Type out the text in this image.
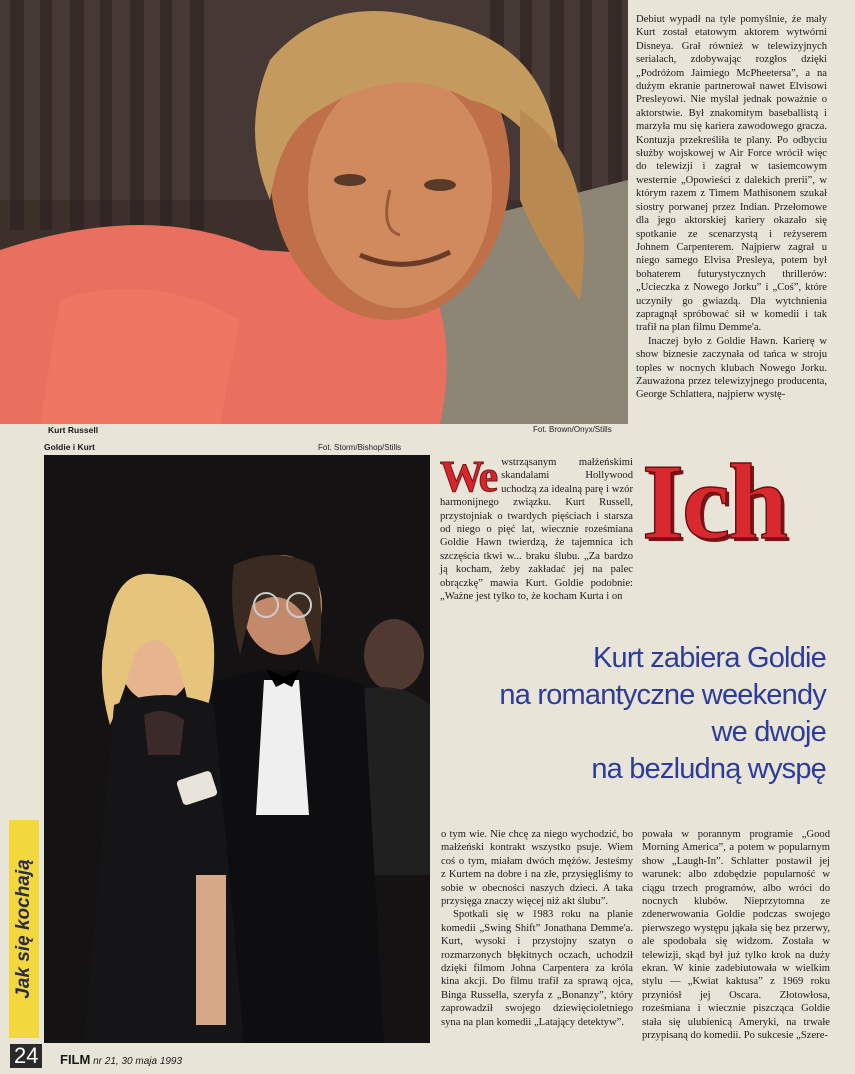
Kurt Russell	Fot. Brown/Onyx/Stills
Goldie i Kurt	Fot. Storm/Bishop/Stills

Debiut wypadł na tyle pomyślnie, że mały Kurt został etatowym aktorem wytwórni Disneya. Grał również w telewizyjnych serialach, zdobywając rozgłos dzięki „Podróżom Jaimiego McPheetersa”, a na dużym ekranie partnerował nawet Elvisowi Presleyowi. Nie myślał jednak poważnie o aktorstwie. Był znakomitym baseballistą i marzyła mu się kariera zawodowego gracza. Kontuzja przekreśliła te plany. Po odbyciu służby wojskowej w Air Force wrócił więc do telewizji i zagrał w tasiemcowym westernie „Opowieści z dalekich prerii”, w którym razem z Timem Mathisonem szukał siostry porwanej przez Indian. Przełomowe dla jego aktorskiej kariery okazało się spotkanie ze scenarzystą i reżyserem Johnem Carpenterem. Najpierw zagrał u niego samego Elvisa Presleya, potem był bohaterem futurystycznych thrillerów: „Ucieczka z Nowego Jorku” i „Coś”, które uczyniły go gwiazdą. Dla wytchnienia zapragnął spróbować sił w komedii i tak trafił na plan filmu Demme'a.

Inaczej było z Goldie Hawn. Karierę w show biznesie zaczynała od tańca w stroju toples w nocnych klubach Nowego Jorku. Zauważona przez telewizyjnego producenta, George Schlattera, najpierw wystę-

We wstrząsanym małżeńskimi skandalami Hollywood uchodzą za idealną parę i wzór harmonijnego związku. Kurt Russell, przystojniak o twardych pięściach i starsza od niego o pięć lat, wiecznie roześmiana Goldie Hawn twierdzą, że tajemnica ich szczęścia tkwi w... braku ślubu. „Za bardzo ją kocham, żeby zakładać jej na palec obrączkę” mawia Kurt. Goldie podobnie: „Ważne jest tylko to, że kocham Kurta i on
Ich
Kurt zabiera Goldie
na romantyczne weekendy
we dwoje
na bezludną wyspę

o tym wie. Nie chcę za niego wychodzić, bo małżeński kontrakt wszystko psuje. Wiem coś o tym, miałam dwóch mężów. Jesteśmy z Kurtem na dobre i na złe, przysięgliśmy to sobie w obecności naszych dzieci. A taka przysięga znaczy więcej niż akt ślubu”.

Spotkali się w 1983 roku na planie komedii „Swing Shift” Jonathana Demme'a. Kurt, wysoki i przystojny szatyn o rozmarzonych błękitnych oczach, uchodził dzięki filmom Johna Carpentera za króla kina akcji. Do filmu trafił za sprawą ojca, Binga Russella, szeryfa z „Bonanzy”, który zaprowadził swojego dziewięcioletniego syna na plan komedii „Latający detektyw”.

powała w porannym programie „Good Morning America”, a potem w popularnym show „Laugh-In”. Schlatter postawił jej warunek: albo zdobędzie popularność w ciągu trzech programów, albo wróci do nocnych klubów. Nieprzytomna ze zdenerwowania Goldie podczas swojego pierwszego występu jąkała się bez przerwy, ale spodobała się widzom. Została w telewizji, skąd był już tylko krok na duży ekran. W kinie zadebiutowała w wielkim stylu — „Kwiat kaktusa” z 1969 roku przyniósł jej Oscara. Złotowłosa, roześmiana i wiecznie piszcząca Goldie stała się ulubienicą Ameryki, na trwałe przypisaną do komedii. Po sukcesie „Szere-

Jak się kochają
24	FILM nr 21, 30 maja 1993
